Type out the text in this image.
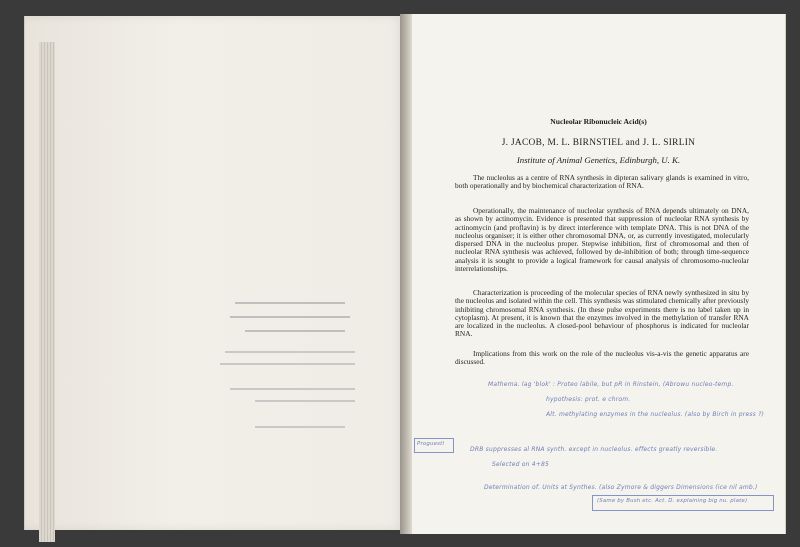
Nucleolar Ribonucleic Acid(s)
J. JACOB, M. L. BIRNSTIEL and J. L. SIRLIN
Institute of Animal Genetics, Edinburgh, U. K.

The nucleolus as a centre of RNA synthesis in dipteran salivary glands is examined in vitro, both operationally and by biochemical characterization of RNA.

Operationally, the maintenance of nucleolar synthesis of RNA depends ultimately on DNA, as shown by actinomycin. Evidence is presented that suppression of nucleolar RNA synthesis by actinomycin (and proflavin) is by direct interference with template DNA. This is not DNA of the nucleolus organiser; it is either other chromosomal DNA, or, as currently investigated, molecularly dispersed DNA in the nucleolus proper. Stepwise inhibition, first of chromosomal and then of nucleolar RNA synthesis was achieved, followed by de-inhibition of both; through time-sequence analysis it is sought to provide a logical framework for causal analysis of chromosomo-nucleolar interrelationships.

Characterization is proceeding of the molecular species of RNA newly synthesized in situ by the nucleolus and isolated within the cell. This synthesis was stimulated chemically after previously inhibiting chromosomal RNA synthesis. (In these pulse experiments there is no label taken up in cytoplasm). At present, it is known that the enzymes involved in the methylation of transfer RNA are localized in the nucleolus. A closed-pool behaviour of phosphorus is indicated for nucleolar RNA.

Implications from this work on the role of the nucleolus vis-a-vis the genetic apparatus are discussed.

Mathema. lag 'blok' : Proteo labile, but pR in Rinstein, (Abrowu nucleo-temp.
hypothesis: prot. e chrom.
Alt. methylating enzymes in the nucleolus. (also by Birch in press ?)
Proguestl
DRB suppresses al RNA synth. except in nucleolus. effects greatly reversible.
Selected on 4+85
Determination of. Units at Synthes. (also Zymore & diggers Dimensions (ice nil amb.)
(Same by Bush etc. Act. D. explaining big nu. plate)
